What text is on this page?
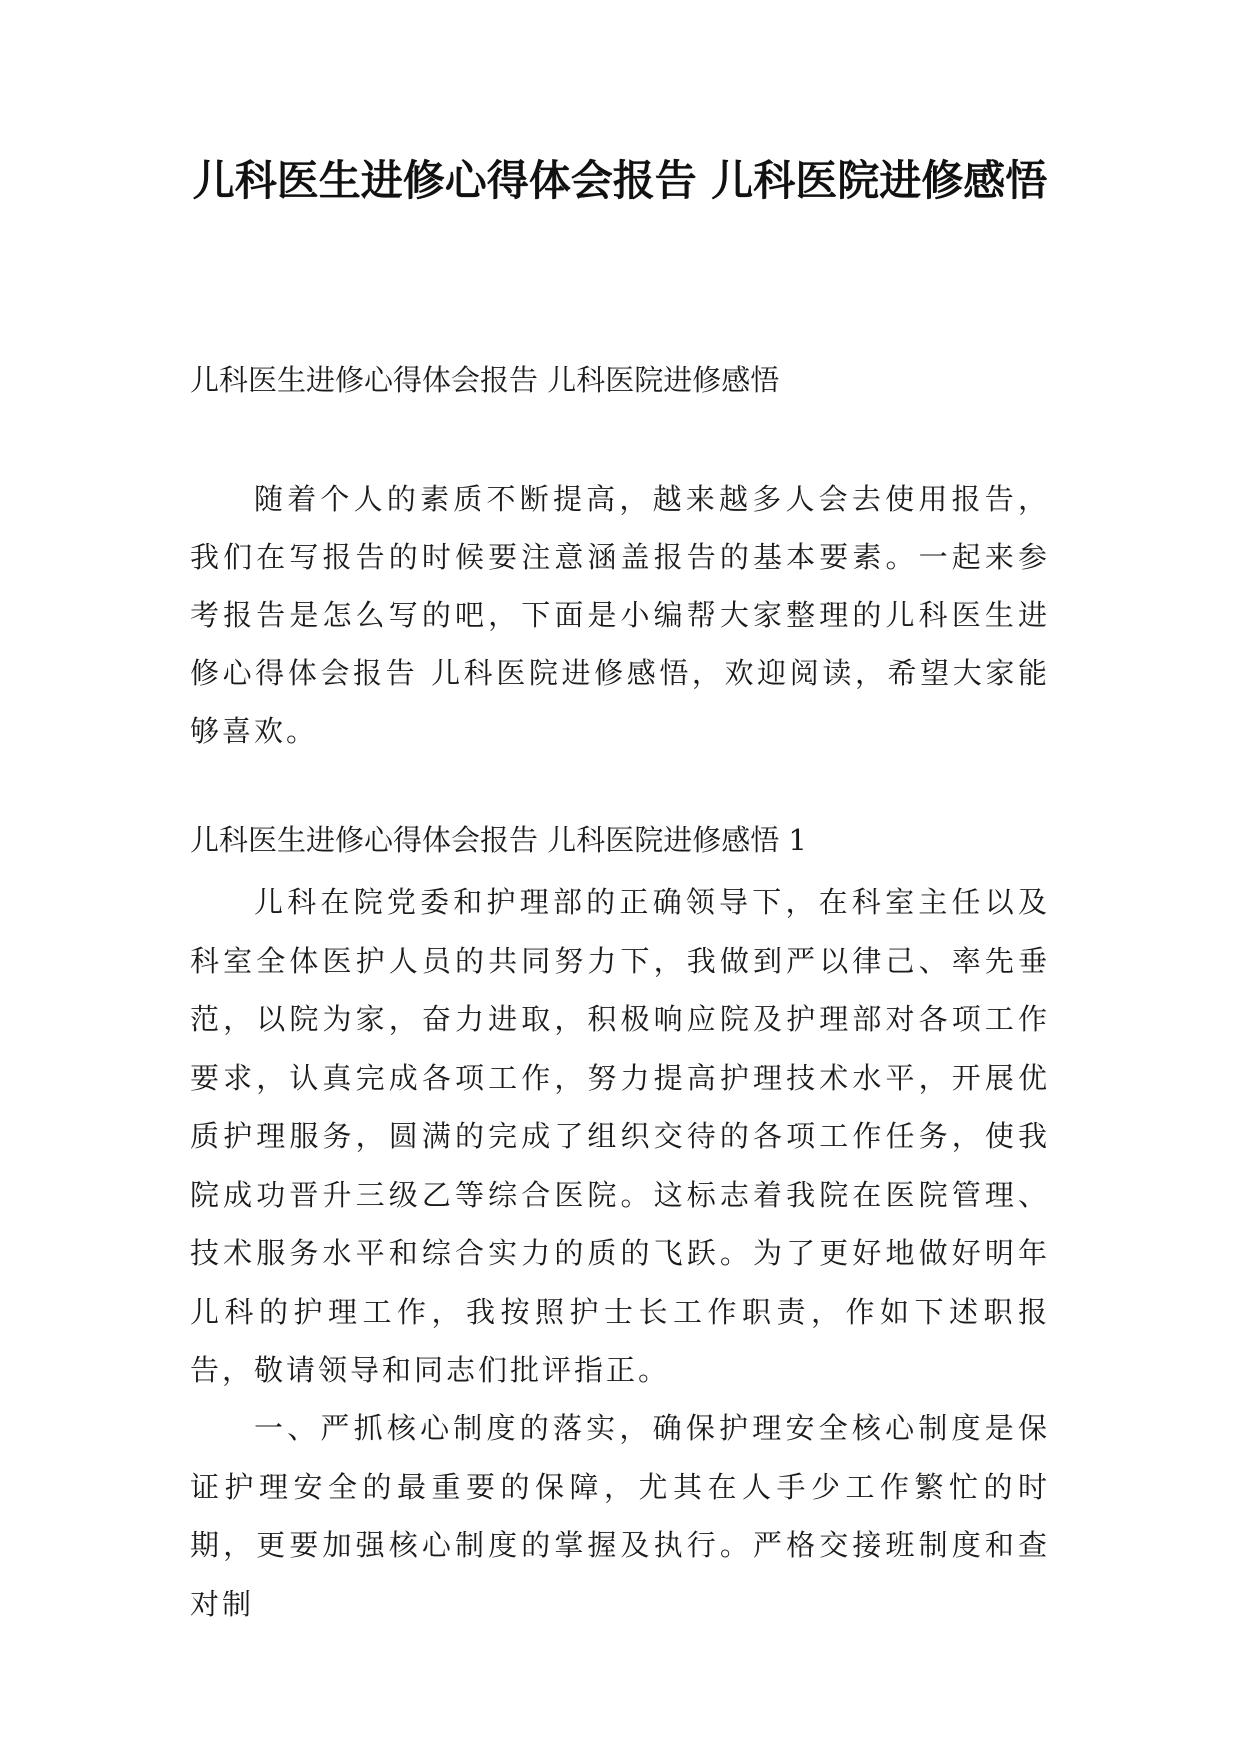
儿科医生进修心得体会报告 儿科医院进修感悟

儿科医生进修心得体会报告 儿科医院进修感悟

随着个人的素质不断提高，越来越多人会去使用报告，我们在写报告的时候要注意涵盖报告的基本要素。一起来参考报告是怎么写的吧，下面是小编帮大家整理的儿科医生进修心得体会报告 儿科医院进修感悟，欢迎阅读，希望大家能够喜欢。

儿科医生进修心得体会报告 儿科医院进修感悟 1

儿科在院党委和护理部的正确领导下，在科室主任以及科室全体医护人员的共同努力下，我做到严以律己、率先垂范，以院为家，奋力进取，积极响应院及护理部对各项工作要求，认真完成各项工作，努力提高护理技术水平，开展优质护理服务，圆满的完成了组织交待的各项工作任务，使我院成功晋升三级乙等综合医院。这标志着我院在医院管理、技术服务水平和综合实力的质的飞跃。为了更好地做好明年儿科的护理工作，我按照护士长工作职责，作如下述职报告，敬请领导和同志们批评指正。

一、严抓核心制度的落实，确保护理安全核心制度是保证护理安全的最重要的保障，尤其在人手少工作繁忙的时期，更要加强核心制度的掌握及执行。严格交接班制度和查对制
